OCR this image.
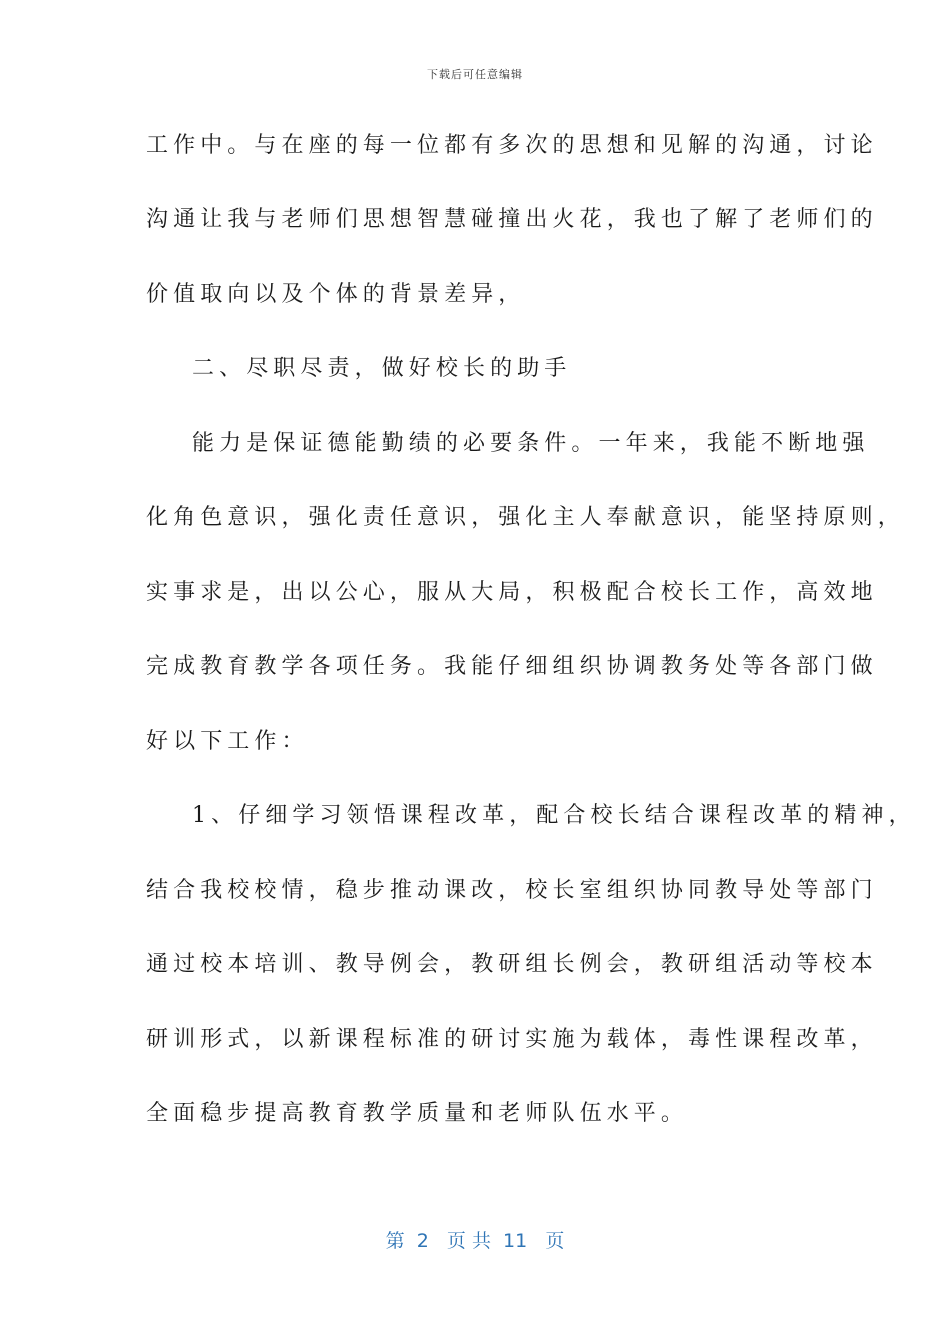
下载后可任意编辑
工作中。与在座的每一位都有多次的思想和见解的沟通，讨论
沟通让我与老师们思想智慧碰撞出火花，我也了解了老师们的
价值取向以及个体的背景差异，
二、尽职尽责，做好校长的助手
能力是保证德能勤绩的必要条件。一年来，我能不断地强
化角色意识，强化责任意识，强化主人奉献意识，能坚持原则，
实事求是，出以公心，服从大局，积极配合校长工作，高效地
完成教育教学各项任务。我能仔细组织协调教务处等各部门做
好以下工作：
1、仔细学习领悟课程改革，配合校长结合课程改革的精神，
结合我校校情，稳步推动课改，校长室组织协同教导处等部门
通过校本培训、教导例会，教研组长例会，教研组活动等校本
研训形式，以新课程标准的研讨实施为载体，毒性课程改革，
全面稳步提高教育教学质量和老师队伍水平。
第  2   页 共  11   页
